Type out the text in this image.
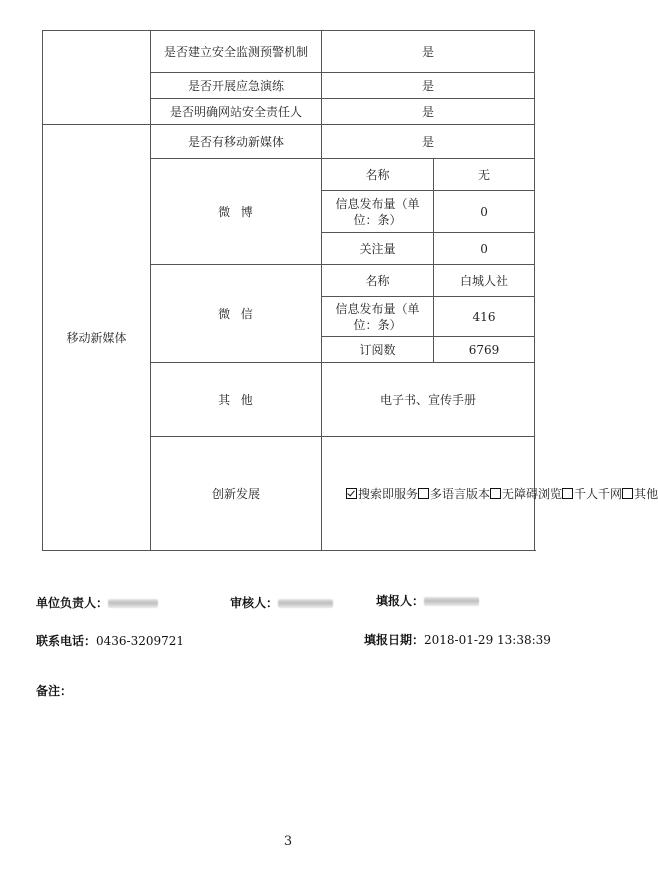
	是否建立安全监测预警机制	是	
	是否开展应急演练	是	
	是否明确网站安全责任人	是	
移动新媒体	是否有移动新媒体	是	
	微  博	名称	无
		信息发布量（单位：条）	0
		关注量	0
	微  信	名称	白城人社
		信息发布量（单位：条）	416
		订阅数	6769
	其  他	电子书、宣传手册	
	创新发展	搜索即服务 多语言版本 无障碍浏览 千人千网 其他	
单位负责人：	审核人：	填报人：
联系电话：0436-3209721	填报日期：2018-01-29 13:38:39
备注：
3
